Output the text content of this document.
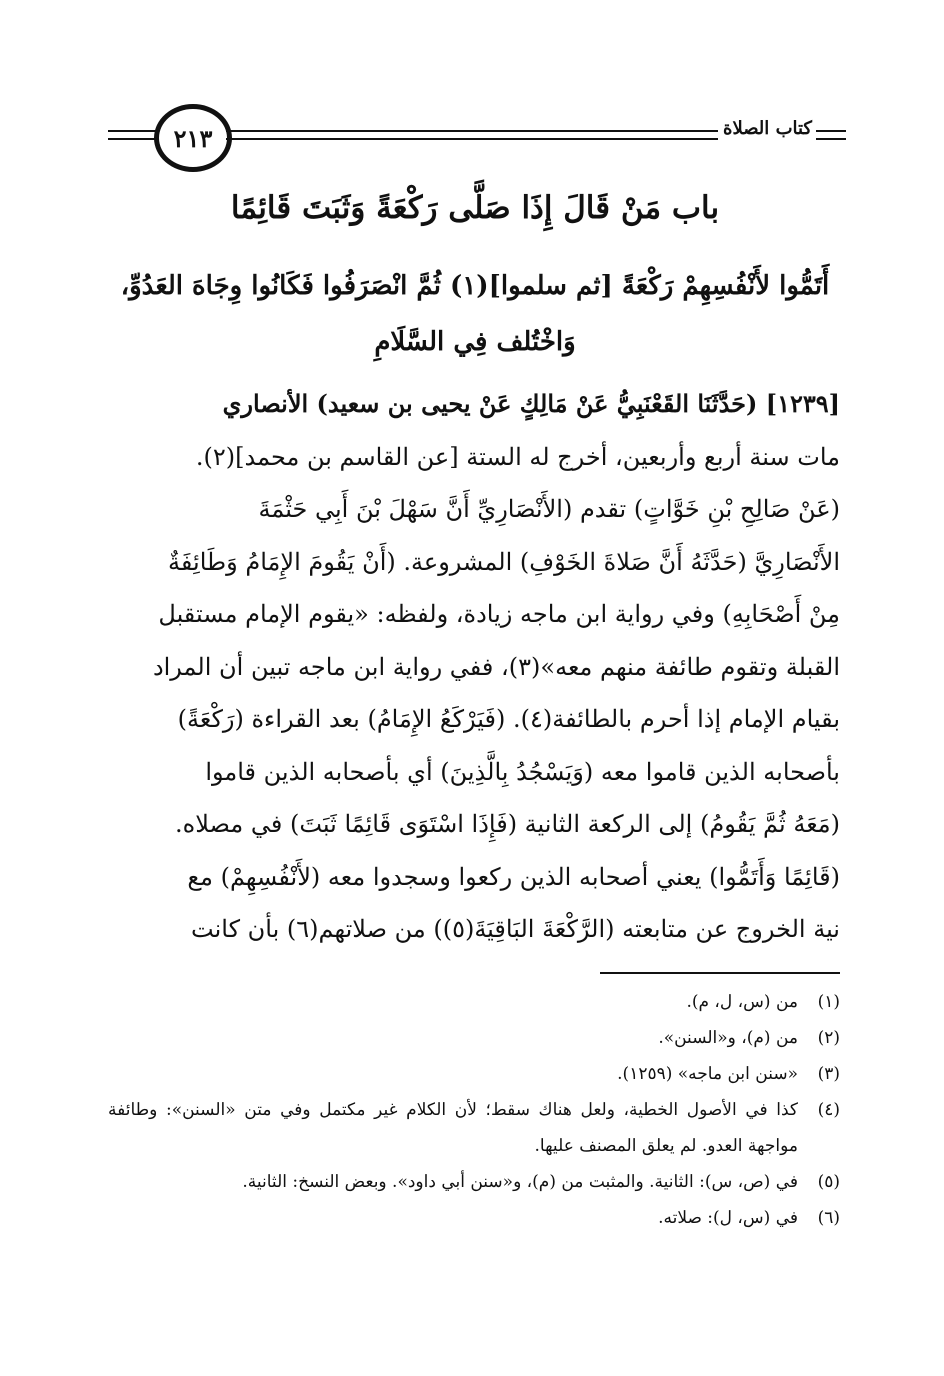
٢١٣	كتاب الصلاة
باب مَنْ قَالَ إِذَا صَلَّى رَكْعَةً وَثَبَتَ قَائِمًا
أَتَمُّوا لأَنْفُسِهِمْ رَكْعَةً [ثم سلموا](١) ثُمَّ انْصَرَفُوا فَكَانُوا وِجَاهَ العَدُوِّ،
وَاخْتُلف فِي السَّلَامِ
[١٢٣٩] (حَدَّثَنَا القَعْنَبِيُّ عَنْ مَالِكٍ عَنْ يحيى بن سعيد) الأنصاري
مات سنة أربع وأربعين، أخرج له الستة [عن القاسم بن محمد](٢).
(عَنْ صَالِحِ بْنِ خَوَّاتٍ) تقدم (الأَنْصَارِيِّ أَنَّ سَهْلَ بْنَ أَبِي حَثْمَةَ
الأَنْصَارِيَّ (حَدَّثَهُ أَنَّ صَلاةَ الخَوْفِ) المشروعة. (أَنْ يَقُومَ الإِمَامُ وَطَائِفَةٌ
مِنْ أَصْحَابِهِ) وفي رواية ابن ماجه زيادة، ولفظه: «يقوم الإمام مستقبل
القبلة وتقوم طائفة منهم معه»(٣)، ففي رواية ابن ماجه تبين أن المراد
بقيام الإمام إذا أحرم بالطائفة(٤). (فَيَرْكَعُ الإِمَامُ) بعد القراءة (رَكْعَةً)
بأصحابه الذين قاموا معه (وَيَسْجُدُ بِالَّذِينَ) أي بأصحابه الذين قاموا
(مَعَهُ ثُمَّ يَقُومُ) إلى الركعة الثانية (فَإِذَا اسْتَوَى قَائِمًا ثَبَتَ) في مصلاه.
(قَائِمًا وَأَتَمُّوا) يعني أصحابه الذين ركعوا وسجدوا معه (لأَنْفُسِهِمْ) مع
نية الخروج عن متابعته (الرَّكْعَةَ البَاقِيَةَ(٥)) من صلاتهم(٦) بأن كانت
(١)
من (س، ل، م).
(٢)
من (م)، و«السنن».
(٣)
«سنن ابن ماجه» (١٢٥٩).
(٤)
كذا في الأصول الخطية، ولعل هناك سقط؛ لأن الكلام غير مكتمل وفي متن «السنن»: وطائفة مواجهة العدو. لم يعلق المصنف عليها.
(٥)
في (ص، س): الثانية. والمثبت من (م)، و«سنن أبي داود». وبعض النسخ: الثانية.
(٦)
في (س، ل): صلاته.
